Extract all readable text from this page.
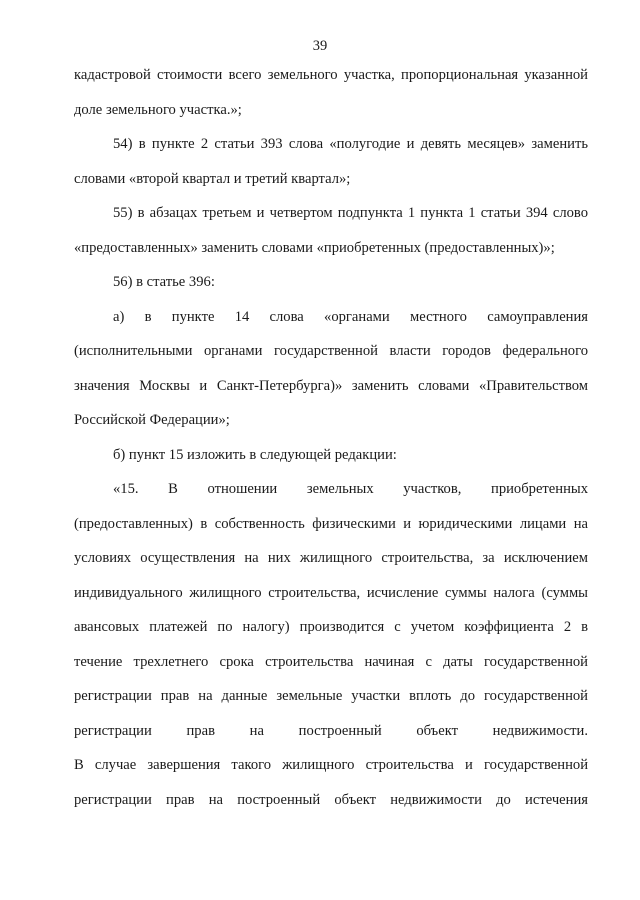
39
кадастровой стоимости всего земельного участка, пропорциональная указанной
доле земельного участка.»;
54) в пункте 2 статьи 393 слова «полугодие и девять месяцев» заменить
словами «второй квартал и третий квартал»;
55) в абзацах третьем и четвертом подпункта 1 пункта 1 статьи 394 слово
«предоставленных» заменить словами «приобретенных (предоставленных)»;
56) в статье 396:
а) в пункте 14 слова «органами местного самоуправления
(исполнительными органами государственной власти городов федерального
значения Москвы и Санкт-Петербурга)» заменить словами «Правительством
Российской Федерации»;
б) пункт 15 изложить в следующей редакции:
«15. В отношении земельных участков, приобретенных
(предоставленных) в собственность физическими и юридическими лицами на
условиях осуществления на них жилищного строительства, за исключением
индивидуального жилищного строительства, исчисление суммы налога (суммы
авансовых платежей по налогу) производится с учетом коэффициента 2 в
течение трехлетнего срока строительства начиная с даты государственной
регистрации прав на данные земельные участки вплоть до государственной
регистрации прав на построенный объект недвижимости.
В случае завершения такого жилищного строительства и государственной
регистрации прав на построенный объект недвижимости до истечения
